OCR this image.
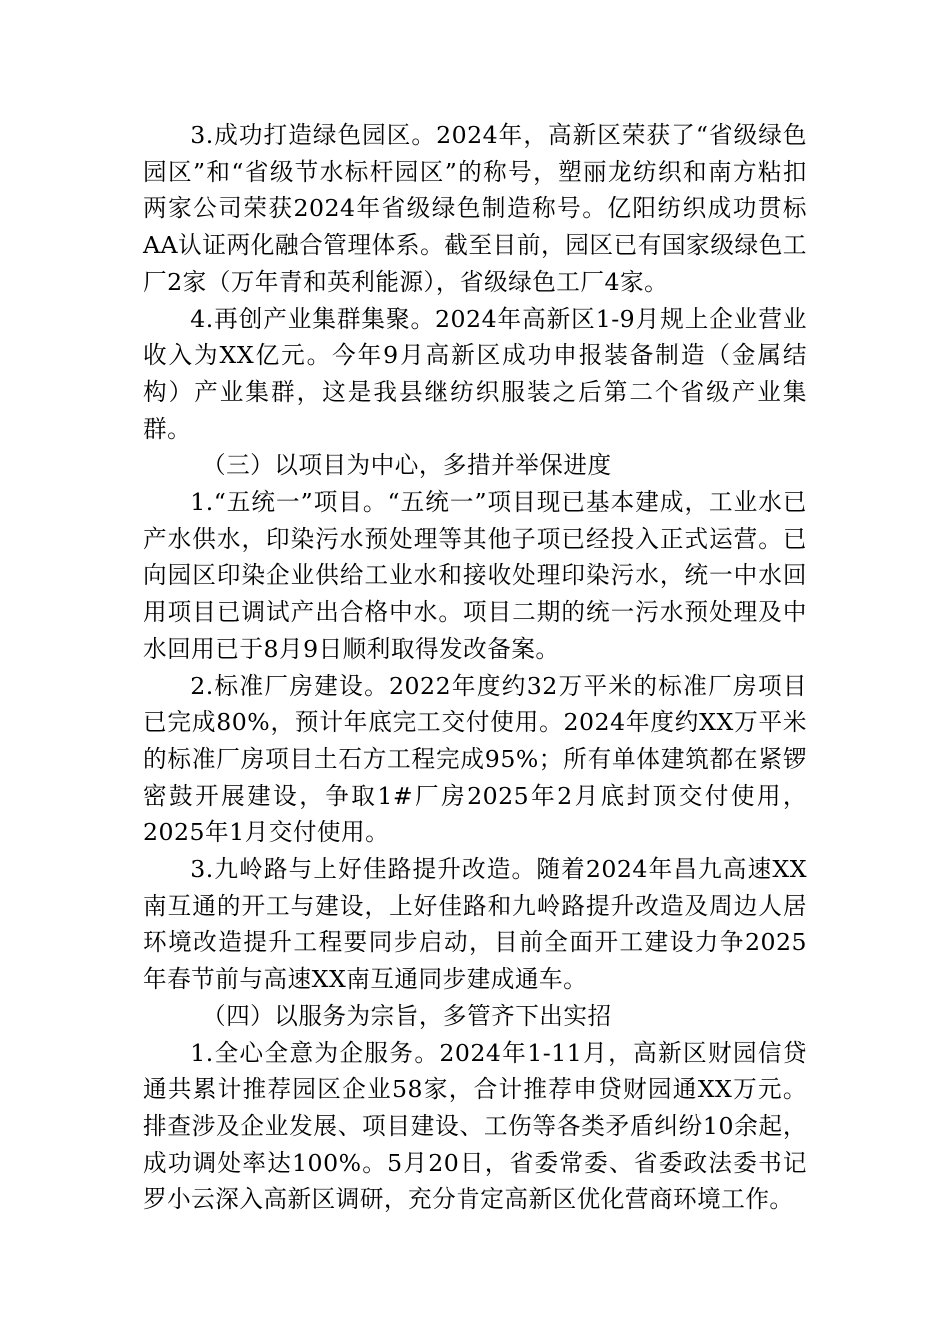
3.成功打造绿色园区。2024年，高新区荣获了“省级绿色园区”和“省级节水标杆园区”的称号，塑丽龙纺织和南方粘扣两家公司荣获2024年省级绿色制造称号。亿阳纺织成功贯标AA认证两化融合管理体系。截至目前，园区已有国家级绿色工厂2家（万年青和英利能源），省级绿色工厂4家。

4.再创产业集群集聚。2024年高新区1-9月规上企业营业收入为XX亿元。今年9月高新区成功申报装备制造（金属结构）产业集群，这是我县继纺织服装之后第二个省级产业集群。

（三）以项目为中心，多措并举保进度

1.“五统一”项目。“五统一”项目现已基本建成，工业水已产水供水，印染污水预处理等其他子项已经投入正式运营。已向园区印染企业供给工业水和接收处理印染污水，统一中水回用项目已调试产出合格中水。项目二期的统一污水预处理及中水回用已于8月9日顺利取得发改备案。

2.标准厂房建设。2022年度约32万平米的标准厂房项目已完成80%，预计年底完工交付使用。2024年度约XX万平米的标准厂房项目土石方工程完成95%；所有单体建筑都在紧锣密鼓开展建设，争取1#厂房2025年2月底封顶交付使用，2025年1月交付使用。

3.九岭路与上好佳路提升改造。随着2024年昌九高速XX南互通的开工与建设，上好佳路和九岭路提升改造及周边人居环境改造提升工程要同步启动，目前全面开工建设力争2025年春节前与高速XX南互通同步建成通车。

（四）以服务为宗旨，多管齐下出实招

1.全心全意为企服务。2024年1-11月，高新区财园信贷通共累计推荐园区企业58家，合计推荐申贷财园通XX万元。排查涉及企业发展、项目建设、工伤等各类矛盾纠纷10余起，成功调处率达100%。5月20日，省委常委、省委政法委书记罗小云深入高新区调研，充分肯定高新区优化营商环境工作。
